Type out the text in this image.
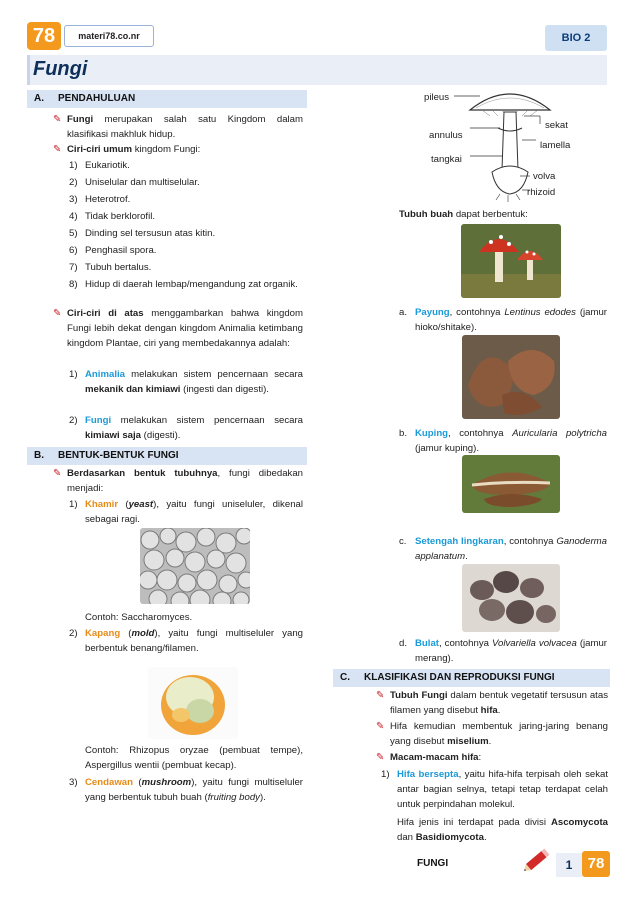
78	materi78.co.nr	BIO 2
Fungi
A. PENDAHULUAN
✎ Fungi merupakan salah satu Kingdom dalam klasifikasi makhluk hidup.
✎ Ciri-ciri umum kingdom Fungi:
1) Eukariotik.
2) Uniselular dan multiselular.
3) Heterotrof.
4) Tidak berklorofil.
5) Dinding sel tersusun atas kitin.
6) Penghasil spora.
7) Tubuh bertalus.
8) Hidup di daerah lembap/mengandung zat organik.
✎ Ciri-ciri di atas menggambarkan bahwa kingdom Fungi lebih dekat dengan kingdom Animalia ketimbang kingdom Plantae, ciri yang membedakannya adalah:
1) Animalia melakukan sistem pencernaan secara mekanik dan kimiawi (ingesti dan digesti).
2) Fungi melakukan sistem pencernaan secara kimiawi saja (digesti).
B. BENTUK-BENTUK FUNGI
✎ Berdasarkan bentuk tubuhnya, fungi dibedakan menjadi:
1) Khamir (yeast), yaitu fungi uniseluler, dikenal sebagai ragi.
Contoh: Saccharomyces.
2) Kapang (mold), yaitu fungi multiseluler yang berbentuk benang/filamen.
Contoh: Rhizopus oryzae (pembuat tempe), Aspergillus wentii (pembuat kecap).
3) Cendawan (mushroom), yaitu fungi multiseluler yang berbentuk tubuh buah (fruiting body).
pileus
annulus
tangkai
sekat
lamella
volva
rhizoid
Tubuh buah dapat berbentuk:
a. Payung, contohnya Lentinus edodes (jamur hioko/shitake).
b. Kuping, contohnya Auricularia polytricha (jamur kuping).
c. Setengah lingkaran, contohnya Ganoderma applanatum.
d. Bulat, contohnya Volvariella volvacea (jamur merang).
C. KLASIFIKASI DAN REPRODUKSI FUNGI
✎ Tubuh Fungi dalam bentuk vegetatif tersusun atas filamen yang disebut hifa.
✎ Hifa kemudian membentuk jaring-jaring benang yang disebut miselium.
✎ Macam-macam hifa:
1) Hifa bersepta, yaitu hifa-hifa terpisah oleh sekat antar bagian selnya, tetapi tetap terdapat celah untuk perpindahan molekul.
Hifa jenis ini terdapat pada divisi Ascomycota dan Basidiomycota.
FUNGI	1	78
